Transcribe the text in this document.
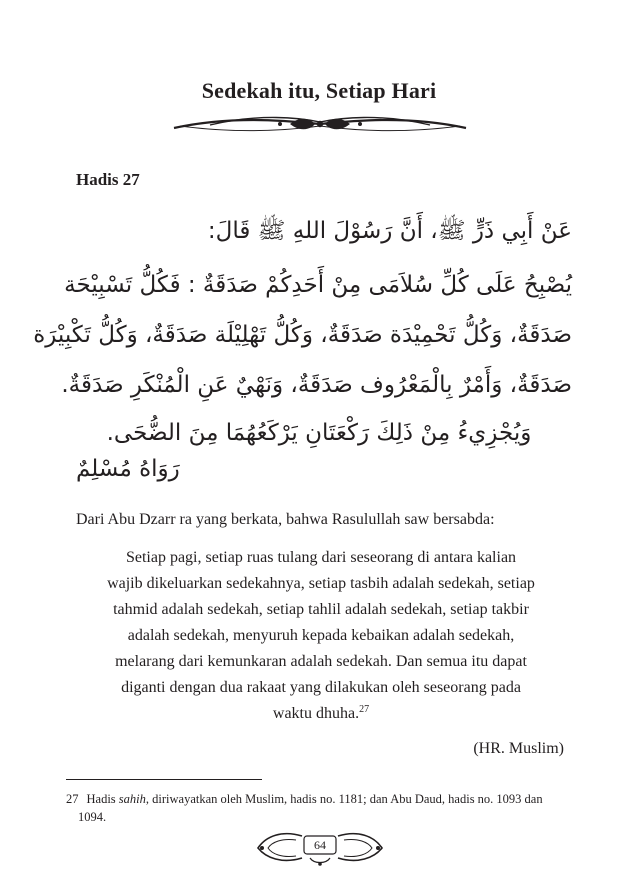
Sedekah itu, Setiap Hari
Hadis 27
عَنْ أَبِي ذَرٍّ ﷺ، أَنَّ رَسُوْلَ اللهِ ﷺ قَالَ:
يُصْبِحُ عَلَى كُلِّ سُلاَمَى مِنْ أَحَدِكُمْ صَدَقَةٌ : فَكُلُّ تَسْبِيْحَة
صَدَقَةٌ، وَكُلُّ تَحْمِيْدَة صَدَقَةٌ، وَكُلُّ تَهْلِيْلَة صَدَقَةٌ، وَكُلُّ تَكْبِيْرَة
صَدَقَةٌ، وَأَمْرٌ بِالْمَعْرُوف صَدَقَةٌ، وَنَهْيٌ عَنِ الْمُنْكَرِ صَدَقَةٌ.
وَيُجْزِيءُ مِنْ ذَلِكَ رَكْعَتَانِ يَرْكَعُهُمَا مِنَ الضُّحَى.
رَوَاهُ مُسْلِمٌ
Dari Abu Dzarr ra yang berkata, bahwa Rasulullah saw bersabda:
Setiap pagi, setiap ruas tulang dari seseorang di antara kalian
wajib dikeluarkan sedekahnya, setiap tasbih adalah sedekah, setiap
tahmid adalah sedekah, setiap tahlil adalah sedekah, setiap takbir
adalah sedekah, menyuruh kepada kebaikan adalah sedekah,
melarang dari kemunkaran adalah sedekah. Dan semua itu dapat
diganti dengan dua rakaat yang dilakukan oleh seseorang pada
waktu dhuha.$^{27}$
(HR. Muslim)
27 Hadis sahih, diriwayatkan oleh Muslim, hadis no. 1181; dan Abu Daud, hadis no. 1093 dan
1094.
64
